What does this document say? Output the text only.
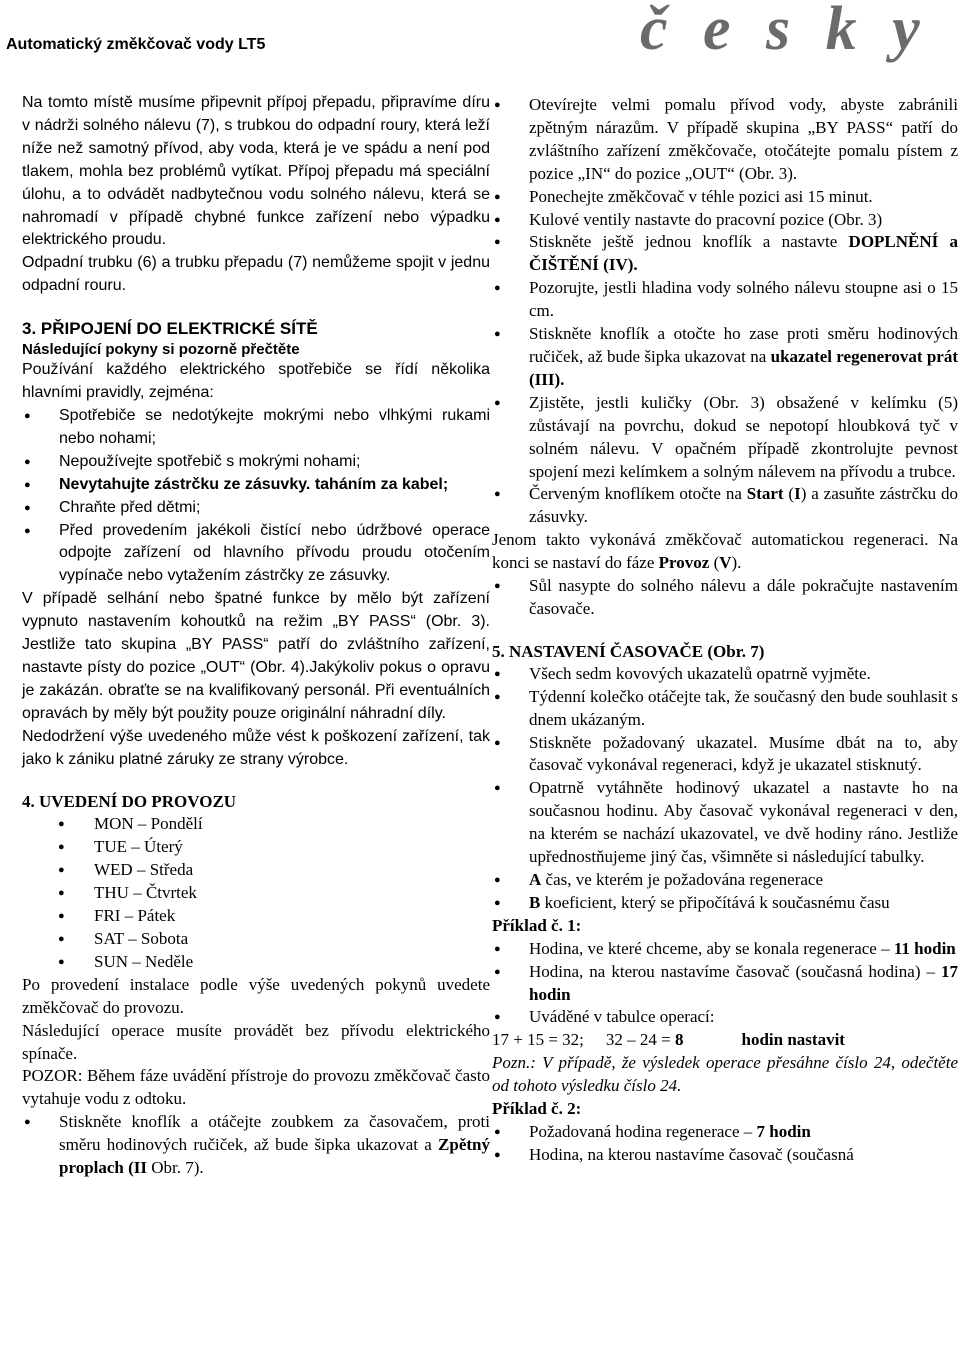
Automatický změkčovač vody LT5	č e s k y

Na tomto místě musíme připevnit přípoj přepadu, připravíme díru v nádrži solného nálevu (7), s trubkou do odpadní roury, která leží níže než samotný přívod, aby voda, která je ve spádu a není pod tlakem, mohla bez problémů vytíkat. Přípoj přepadu má speciální úlohu, a to odvádět nadbytečnou vodu solného nálevu, která se nahromadí v případě chybné funkce zařízení nebo výpadku elektrického proudu.

Odpadní trubku (6) a trubku přepadu (7) nemůžeme spojit v jednu odpadní rouru.

3. PŘIPOJENÍ DO ELEKTRICKÉ SÍTĚ
Následující pokyny si pozorně přečtěte

Používání každého elektrického spotřebiče se řídí několika hlavními pravidly, zejména:

● Spotřebiče se nedotýkejte mokrými nebo vlhkými rukami nebo nohami;
● Nepoužívejte spotřebič s mokrými nohami;
● Nevytahujte zástrčku ze zásuvky. taháním za kabel;
● Chraňte před dětmi;
● Před provedením jakékoli čistící nebo údržbové operace odpojte zařízení od hlavního přívodu proudu otočením vypínače nebo vytažením zástrčky ze zásuvky.

V případě selhání nebo špatné funkce by mělo být zařízení vypnuto nastavením kohoutků na režim „BY PASS“ (Obr. 3). Jestliže tato skupina „BY PASS“ patří do zvláštního zařízení, nastavte písty do pozice „OUT“ (Obr. 4).Jakýkoliv pokus o opravu je zakázán. obraťte se na kvalifikovaný personál. Při eventuálních opravách by měly být použity pouze originální náhradní díly.

Nedodržení výše uvedeného může vést k poškození zařízení, tak jako k zániku platné záruky ze strany výrobce.

4. UVEDENÍ DO PROVOZU
● MON – Pondělí
● TUE – Úterý
● WED – Středa
● THU – Čtvrtek
● FRI – Pátek
● SAT – Sobota
● SUN – Neděle

Po provedení instalace podle výše uvedených pokynů uvedete změkčovač do provozu.

Následující operace musíte provádět bez přívodu elektrického spínače.

POZOR: Během fáze uvádění přístroje do provozu změkčovač často vytahuje vodu z odtoku.

● Stiskněte knoflík a otáčejte zoubkem za časovačem, proti směru hodinových ručiček, až bude šipka ukazovat a Zpětný proplach (II Obr. 7).
● Otevírejte velmi pomalu přívod vody, abyste zabránili zpětným nárazům. V případě skupina „BY PASS“ patří do zvláštního zařízení změkčovače, otočátejte pomalu pístem z pozice „IN“ do pozice „OUT“ (Obr. 3).
● Ponechejte změkčovač v téhle pozici asi 15 minut.
● Kulové ventily nastavte do pracovní pozice (Obr. 3)
● Stiskněte ještě jednou knoflík a nastavte DOPLNĚNÍ a ČIŠTĚNÍ (IV).
● Pozorujte, jestli hladina vody solného nálevu stoupne asi o 15 cm.
● Stiskněte knoflík a otočte ho zase proti směru hodinových ručiček, až bude šipka ukazovat na ukazatel regenerovat prát (III).
● Zjistěte, jestli kuličky (Obr. 3) obsažené v kelímku (5) zůstávají na povrchu, dokud se nepotopí hloubková tyč v solném nálevu. V opačném případě zkontrolujte pevnost spojení mezi kelímkem a solným nálevem na přívodu a trubce.
● Červeným knoflíkem otočte na Start (I) a zasuňte zástrčku do zásuvky.

Jenom takto vykonává změkčovač automatickou regeneraci. Na konci se nastaví do fáze Provoz (V).

● Sůl nasypte do solného nálevu a dále pokračujte nastavením časovače.
5. NASTAVENÍ ČASOVAČE (Obr. 7)
● Všech sedm kovových ukazatelů opatrně vyjměte.
● Týdenní kolečko otáčejte tak, že současný den bude souhlasit s dnem ukázaným.
● Stiskněte požadovaný ukazatel. Musíme dbát na to, aby časovač vykonával regeneraci, když je ukazatel stisknutý.
● Opatrně vytáhněte hodinový ukazatel a nastavte ho na současnou hodinu. Aby časovač vykonával regeneraci v den, na kterém se nachází ukazovatel, ve dvě hodiny ráno. Jestliže upřednostňujeme jiný čas, všimněte si následující tabulky.
● A čas, ve kterém je požadována regenerace
● B koeficient, který se připočítává k současnému času

Příklad č. 1:

● Hodina, ve které chceme, aby se konala regenerace – 11 hodin
● Hodina, na kterou nastavíme časovač (současná hodina) – 17 hodin
● Uváděné v tabulce operací:

17 + 15 = 32; 32 – 24 = 8	hodin nastavit

Pozn.: V případě, že výsledek operace přesáhne číslo 24, odečtěte od tohoto výsledku číslo 24.

Příklad č. 2:

● Požadovaná hodina regenerace – 7 hodin
● Hodina, na kterou nastavíme časovač (současná
